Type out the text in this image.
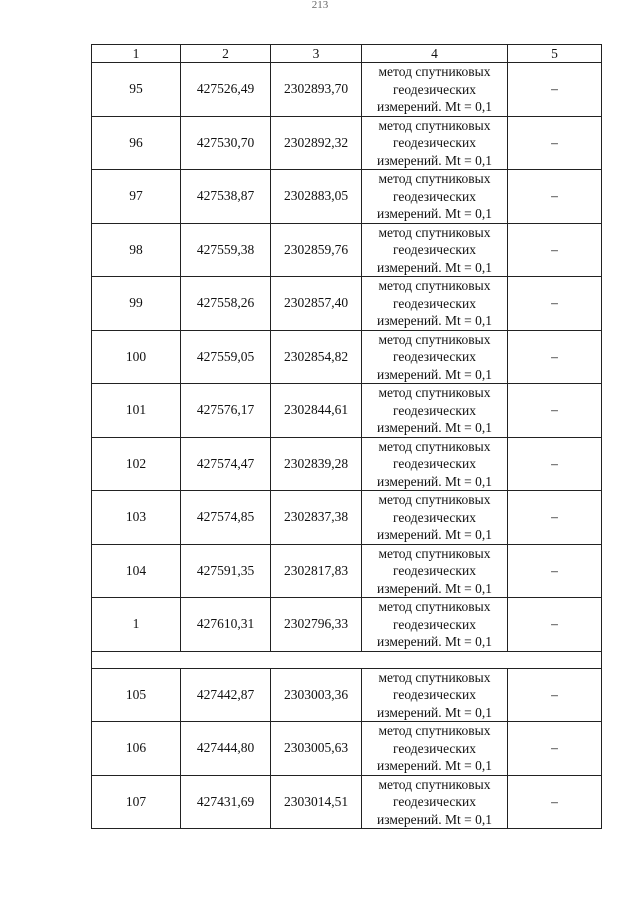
213
1	2	3	4	5
95	427526,49	2302893,70	метод спутниковых
геодезических
измерений. Mt = 0,1	–
96	427530,70	2302892,32	метод спутниковых
геодезических
измерений. Mt = 0,1	–
97	427538,87	2302883,05	метод спутниковых
геодезических
измерений. Mt = 0,1	–
98	427559,38	2302859,76	метод спутниковых
геодезических
измерений. Mt = 0,1	–
99	427558,26	2302857,40	метод спутниковых
геодезических
измерений. Mt = 0,1	–
100	427559,05	2302854,82	метод спутниковых
геодезических
измерений. Mt = 0,1	–
101	427576,17	2302844,61	метод спутниковых
геодезических
измерений. Mt = 0,1	–
102	427574,47	2302839,28	метод спутниковых
геодезических
измерений. Mt = 0,1	–
103	427574,85	2302837,38	метод спутниковых
геодезических
измерений. Mt = 0,1	–
104	427591,35	2302817,83	метод спутниковых
геодезических
измерений. Mt = 0,1	–
1	427610,31	2302796,33	метод спутниковых
геодезических
измерений. Mt = 0,1	–

105	427442,87	2303003,36	метод спутниковых
геодезических
измерений. Mt = 0,1	–
106	427444,80	2303005,63	метод спутниковых
геодезических
измерений. Mt = 0,1	–
107	427431,69	2303014,51	метод спутниковых
геодезических
измерений. Mt = 0,1	–
